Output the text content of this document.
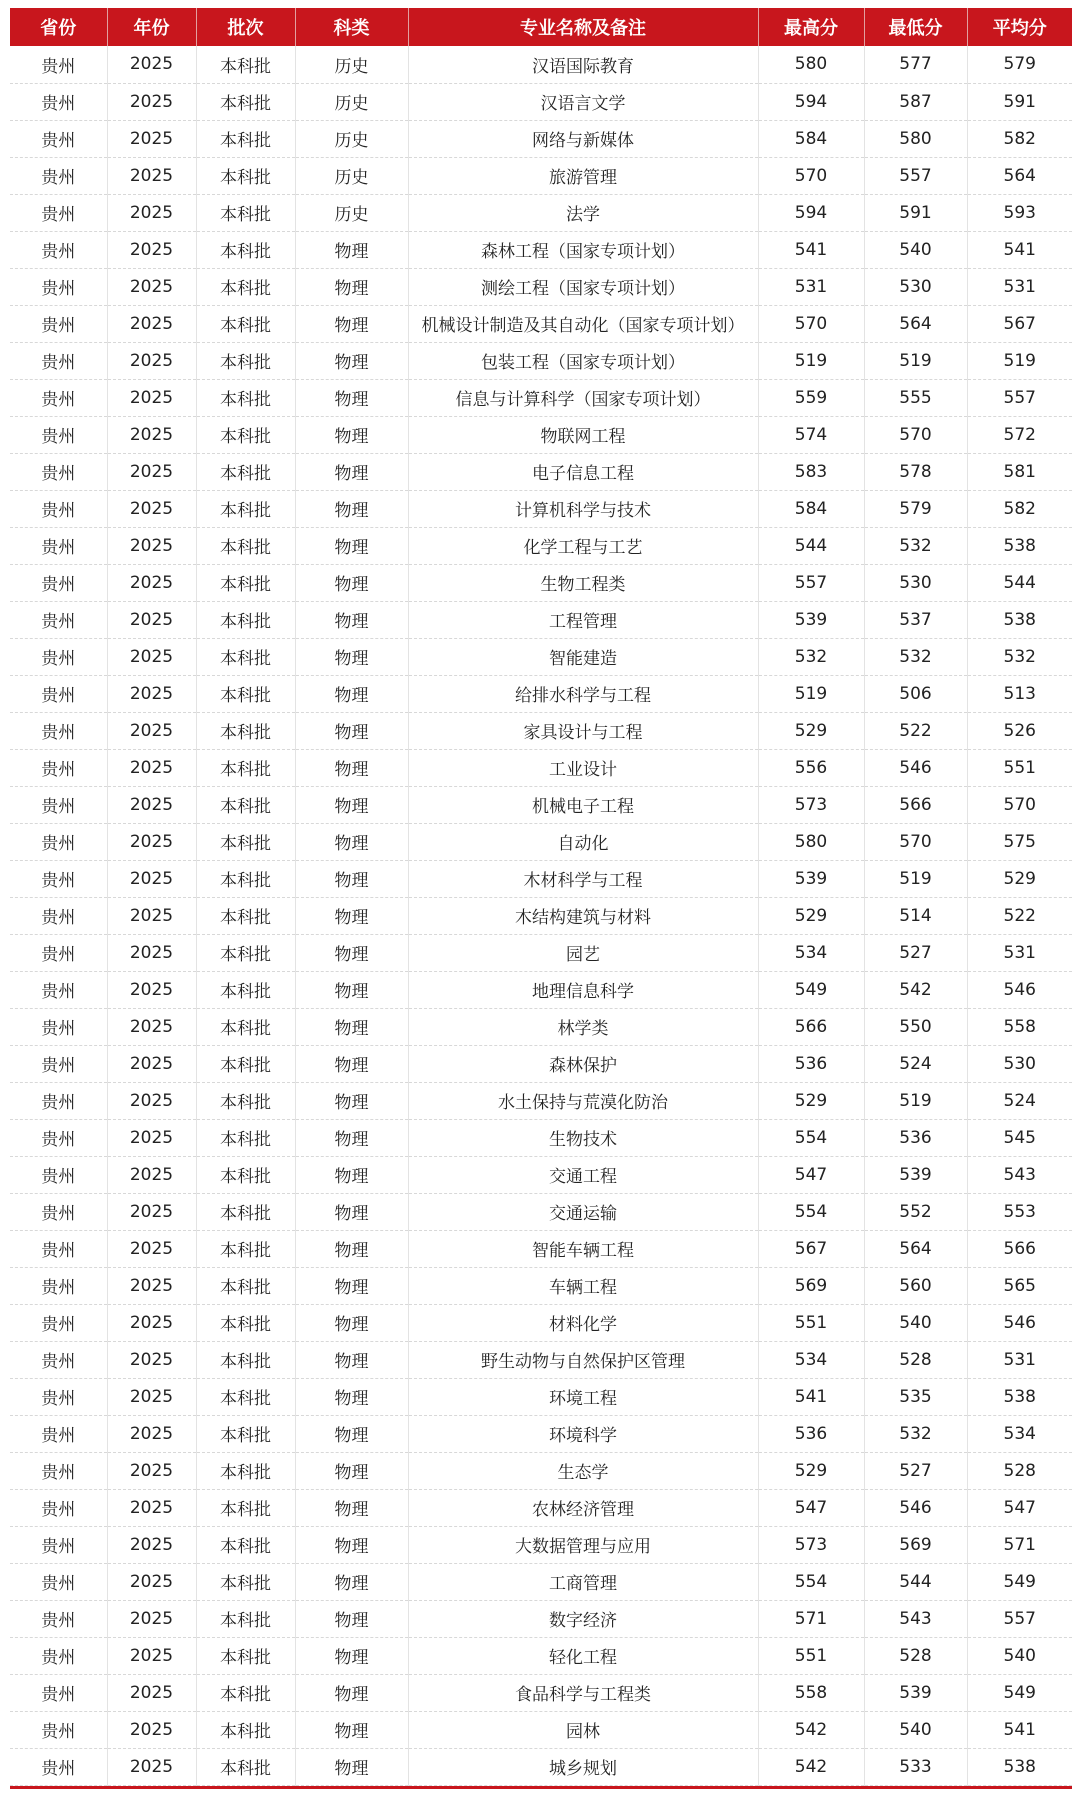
省份	年份	批次	科类	专业名称及备注	最高分	最低分	平均分
贵州	2025	本科批	历史	汉语国际教育	580	577	579
贵州	2025	本科批	历史	汉语言文学	594	587	591
贵州	2025	本科批	历史	网络与新媒体	584	580	582
贵州	2025	本科批	历史	旅游管理	570	557	564
贵州	2025	本科批	历史	法学	594	591	593
贵州	2025	本科批	物理	森林工程（国家专项计划）	541	540	541
贵州	2025	本科批	物理	测绘工程（国家专项计划）	531	530	531
贵州	2025	本科批	物理	机械设计制造及其自动化（国家专项计划）	570	564	567
贵州	2025	本科批	物理	包装工程（国家专项计划）	519	519	519
贵州	2025	本科批	物理	信息与计算科学（国家专项计划）	559	555	557
贵州	2025	本科批	物理	物联网工程	574	570	572
贵州	2025	本科批	物理	电子信息工程	583	578	581
贵州	2025	本科批	物理	计算机科学与技术	584	579	582
贵州	2025	本科批	物理	化学工程与工艺	544	532	538
贵州	2025	本科批	物理	生物工程类	557	530	544
贵州	2025	本科批	物理	工程管理	539	537	538
贵州	2025	本科批	物理	智能建造	532	532	532
贵州	2025	本科批	物理	给排水科学与工程	519	506	513
贵州	2025	本科批	物理	家具设计与工程	529	522	526
贵州	2025	本科批	物理	工业设计	556	546	551
贵州	2025	本科批	物理	机械电子工程	573	566	570
贵州	2025	本科批	物理	自动化	580	570	575
贵州	2025	本科批	物理	木材科学与工程	539	519	529
贵州	2025	本科批	物理	木结构建筑与材料	529	514	522
贵州	2025	本科批	物理	园艺	534	527	531
贵州	2025	本科批	物理	地理信息科学	549	542	546
贵州	2025	本科批	物理	林学类	566	550	558
贵州	2025	本科批	物理	森林保护	536	524	530
贵州	2025	本科批	物理	水土保持与荒漠化防治	529	519	524
贵州	2025	本科批	物理	生物技术	554	536	545
贵州	2025	本科批	物理	交通工程	547	539	543
贵州	2025	本科批	物理	交通运输	554	552	553
贵州	2025	本科批	物理	智能车辆工程	567	564	566
贵州	2025	本科批	物理	车辆工程	569	560	565
贵州	2025	本科批	物理	材料化学	551	540	546
贵州	2025	本科批	物理	野生动物与自然保护区管理	534	528	531
贵州	2025	本科批	物理	环境工程	541	535	538
贵州	2025	本科批	物理	环境科学	536	532	534
贵州	2025	本科批	物理	生态学	529	527	528
贵州	2025	本科批	物理	农林经济管理	547	546	547
贵州	2025	本科批	物理	大数据管理与应用	573	569	571
贵州	2025	本科批	物理	工商管理	554	544	549
贵州	2025	本科批	物理	数字经济	571	543	557
贵州	2025	本科批	物理	轻化工程	551	528	540
贵州	2025	本科批	物理	食品科学与工程类	558	539	549
贵州	2025	本科批	物理	园林	542	540	541
贵州	2025	本科批	物理	城乡规划	542	533	538
